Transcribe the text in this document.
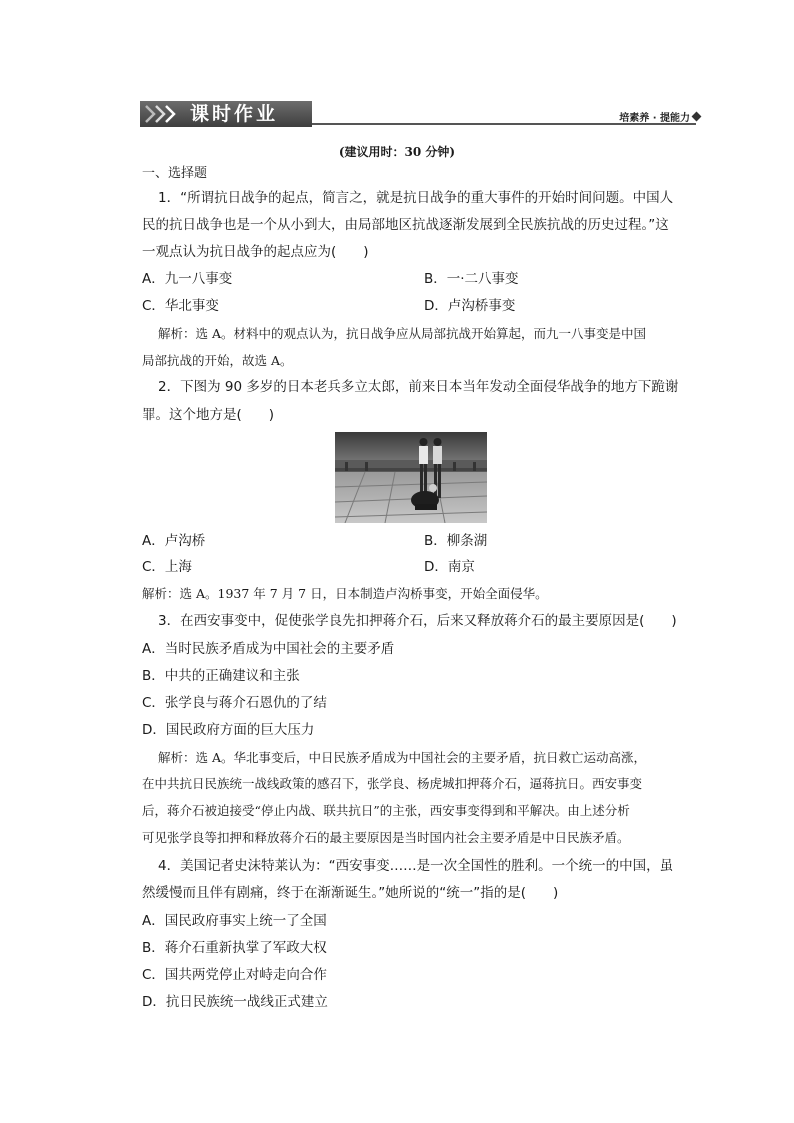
课时作业	培素养 · 提能力
(建议用时：30 分钟)
一、选择题
1．“所谓抗日战争的起点，简言之，就是抗日战争的重大事件的开始时间问题。中国人
民的抗日战争也是一个从小到大，由局部地区抗战逐渐发展到全民族抗战的历史过程。”这
一观点认为抗日战争的起点应为(　　)
A．九一八事变	B．一·二八事变
C．华北事变	D．卢沟桥事变
解析：选 A。材料中的观点认为，抗日战争应从局部抗战开始算起，而九一八事变是中国
局部抗战的开始，故选 A。
2．下图为 90 多岁的日本老兵多立太郎，前来日本当年发动全面侵华战争的地方下跪谢
罪。这个地方是(　　)
A．卢沟桥	B．柳条湖
C．上海	D．南京
解析：选 A。1937 年 7 月 7 日，日本制造卢沟桥事变，开始全面侵华。
3．在西安事变中，促使张学良先扣押蒋介石，后来又释放蒋介石的最主要原因是(　　)
A．当时民族矛盾成为中国社会的主要矛盾
B．中共的正确建议和主张
C．张学良与蒋介石恩仇的了结
D．国民政府方面的巨大压力
解析：选 A。华北事变后，中日民族矛盾成为中国社会的主要矛盾，抗日救亡运动高涨，
在中共抗日民族统一战线政策的感召下，张学良、杨虎城扣押蒋介石，逼蒋抗日。西安事变
后，蒋介石被迫接受“停止内战、联共抗日”的主张，西安事变得到和平解决。由上述分析
可见张学良等扣押和释放蒋介石的最主要原因是当时国内社会主要矛盾是中日民族矛盾。
4．美国记者史沫特莱认为：“西安事变……是一次全国性的胜利。一个统一的中国，虽
然缓慢而且伴有剧痛，终于在渐渐诞生。”她所说的“统一”指的是(　　)
A．国民政府事实上统一了全国
B．蒋介石重新执掌了军政大权
C．国共两党停止对峙走向合作
D．抗日民族统一战线正式建立
